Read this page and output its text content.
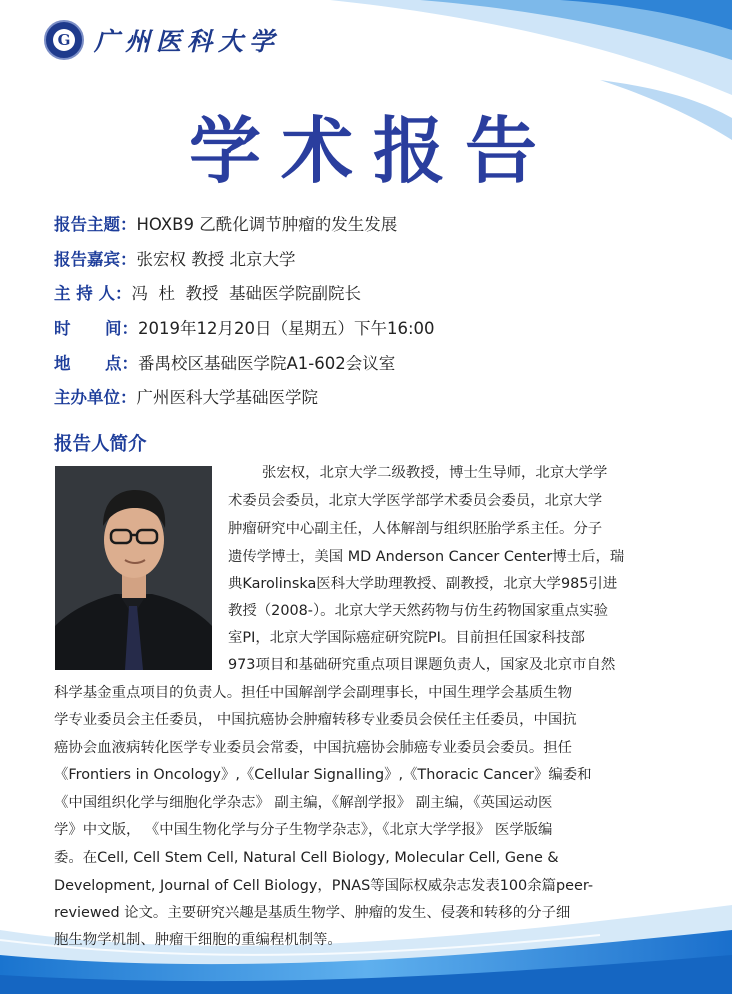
G 广州医科大学
学术报告
报告主题： HOXB9 乙酰化调节肿瘤的发生发展
报告嘉宾： 张宏权 教授 北京大学
主 持 人： 冯  杜  教授  基础医学院副院长
时      间： 2019年12月20日（星期五）下午16:00
地      点： 番禺校区基础医学院A1-602会议室
主办单位： 广州医科大学基础医学院
报告人简介
张宏权，北京大学二级教授，博士生导师，北京大学学
术委员会委员，北京大学医学部学术委员会委员，北京大学
肿瘤研究中心副主任，人体解剖与组织胚胎学系主任。分子
遗传学博士，美国 MD Anderson Cancer Center博士后，瑞
典Karolinska医科大学助理教授、副教授，北京大学985引进
教授（2008-）。北京大学天然药物与仿生药物国家重点实验
室PI，北京大学国际癌症研究院PI。目前担任国家科技部
973项目和基础研究重点项目课题负责人，国家及北京市自然
科学基金重点项目的负责人。担任中国解剖学会副理事长，中国生理学会基质生物
学专业委员会主任委员， 中国抗癌协会肿瘤转移专业委员会侯任主任委员，中国抗
癌协会血液病转化医学专业委员会常委，中国抗癌协会肺癌专业委员会委员。担任
《Frontiers in Oncology》,《Cellular Signalling》,《Thoracic Cancer》编委和
《中国组织化学与细胞化学杂志》 副主编，《解剖学报》 副主编，《英国运动医
学》中文版， 《中国生物化学与分子生物学杂志》，《北京大学学报》 医学版编
委。在Cell, Cell Stem Cell, Natural Cell Biology, Molecular Cell, Gene &
Development, Journal of Cell Biology，PNAS等国际权威杂志发表100余篇peer-
reviewed 论文。主要研究兴趣是基质生物学、肿瘤的发生、侵袭和转移的分子细
胞生物学机制、肿瘤干细胞的重编程机制等。
